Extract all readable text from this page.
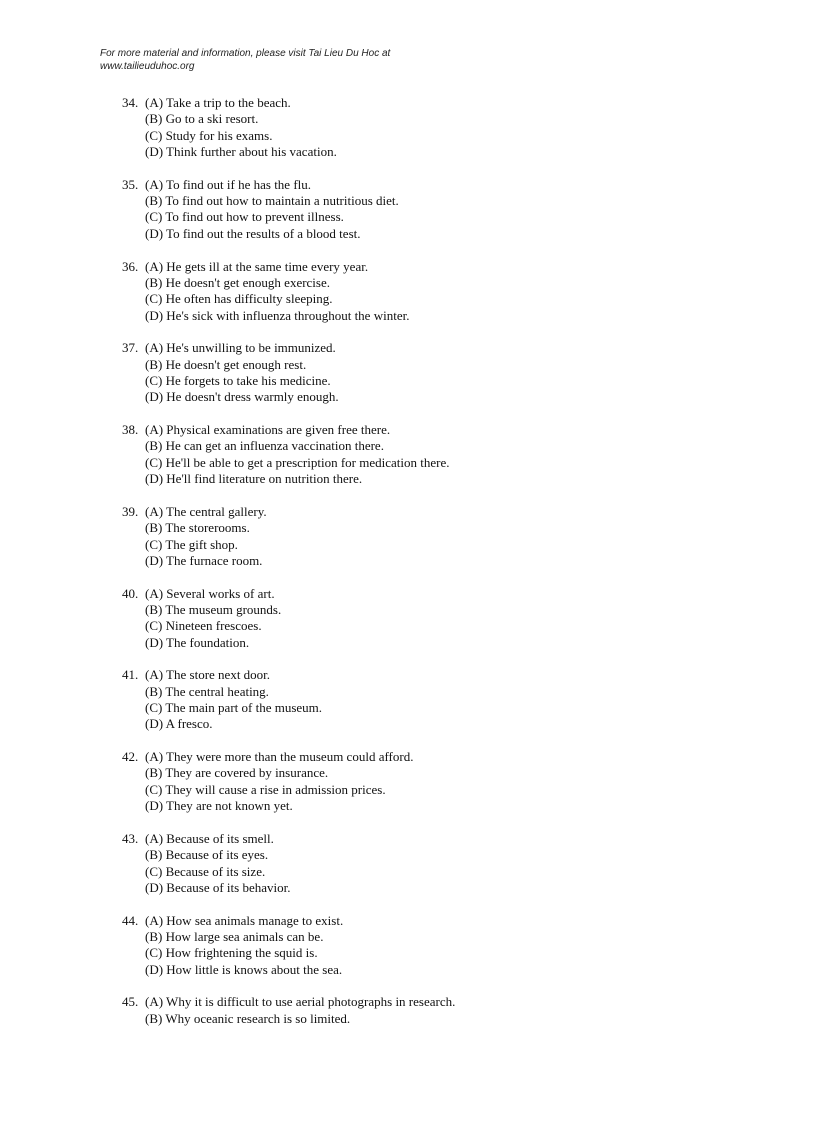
For more material and information, please visit Tai Lieu Du Hoc at
www.tailieuduhoc.org
34. (A) Take a trip to the beach.
(B) Go to a ski resort.
(C) Study for his exams.
(D) Think further about his vacation.
35. (A) To find out if he has the flu.
(B) To find out how to maintain a nutritious diet.
(C) To find out how to prevent illness.
(D) To find out the results of a blood test.
36. (A) He gets ill at the same time every year.
(B) He doesn't get enough exercise.
(C) He often has difficulty sleeping.
(D) He's sick with influenza throughout the winter.
37. (A) He's unwilling to be immunized.
(B) He doesn't get enough rest.
(C) He forgets to take his medicine.
(D) He doesn't dress warmly enough.
38. (A) Physical examinations are given free there.
(B) He can get an influenza vaccination there.
(C) He'll be able to get a prescription for medication there.
(D) He'll find literature on nutrition there.
39. (A) The central gallery.
(B) The storerooms.
(C) The gift shop.
(D) The furnace room.
40. (A) Several works of art.
(B) The museum grounds.
(C) Nineteen frescoes.
(D) The foundation.
41. (A) The store next door.
(B) The central heating.
(C) The main part of the museum.
(D) A fresco.
42. (A) They were more than the museum could afford.
(B) They are covered by insurance.
(C) They will cause a rise in admission prices.
(D) They are not known yet.
43. (A) Because of its smell.
(B) Because of its eyes.
(C) Because of its size.
(D) Because of its behavior.
44. (A) How sea animals manage to exist.
(B) How large sea animals can be.
(C) How frightening the squid is.
(D) How little is knows about the sea.
45. (A) Why it is difficult to use aerial photographs in research.
(B) Why oceanic research is so limited.
